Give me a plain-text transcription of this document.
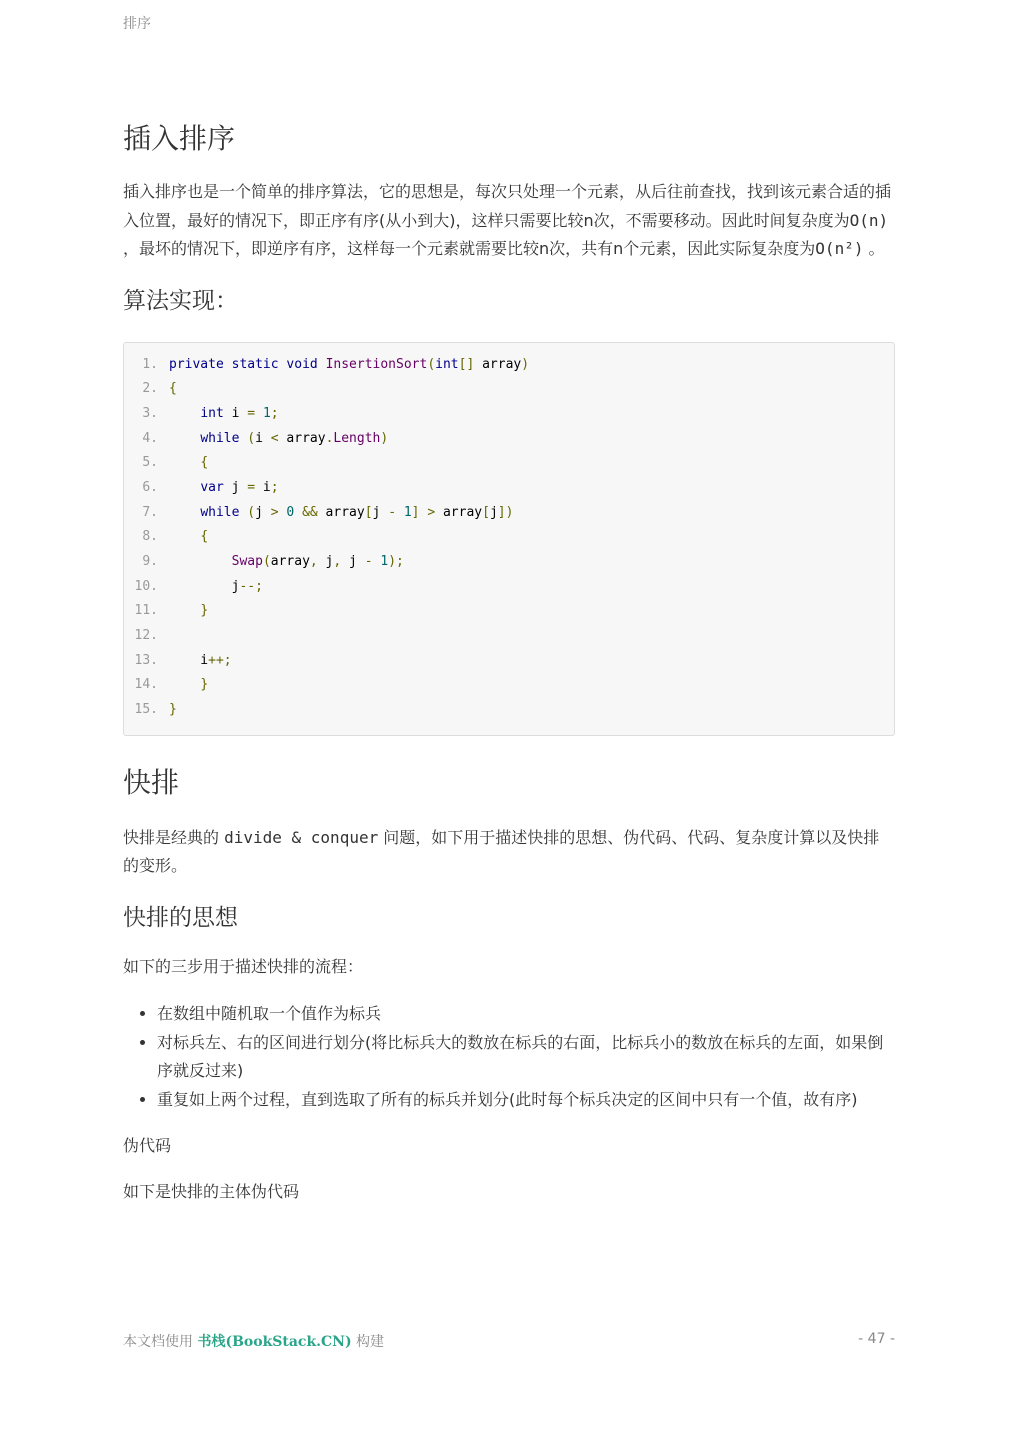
排序
插入排序

插入排序也是一个简单的排序算法，它的思想是，每次只处理一个元素，从后往前查找，找到该元素合适的插入位置，最好的情况下，即正序有序(从小到大)，这样只需要比较n次，不需要移动。因此时间复杂度为O(n) ，最坏的情况下，即逆序有序，这样每一个元素就需要比较n次，共有n个元素，因此实际复杂度为O(n²) 。

算法实现：
1. private static void InsertionSort(int[] array)
2. {
3.	int i = 1;
4.	while (i < array.Length)
5.	{
6.	var j = i;
7.	while (j > 0 && array[j - 1] > array[j])
8.	{
9.	Swap(array, j, j - 1);
10. j--;
11.	}
12.
13. i++;
14.	}
15. }
快排

快排是经典的 divide & conquer 问题，如下用于描述快排的思想、伪代码、代码、复杂度计算以及快排的变形。

快排的思想

如下的三步用于描述快排的流程：

• 在数组中随机取一个值作为标兵
• 对标兵左、右的区间进行划分(将比标兵大的数放在标兵的右面，比标兵小的数放在标兵的左面，如果倒序就反过来)
• 重复如上两个过程，直到选取了所有的标兵并划分(此时每个标兵决定的区间中只有一个值，故有序)

伪代码

如下是快排的主体伪代码

本文档使用 书栈(BookStack.CN) 构建	- 47 -
